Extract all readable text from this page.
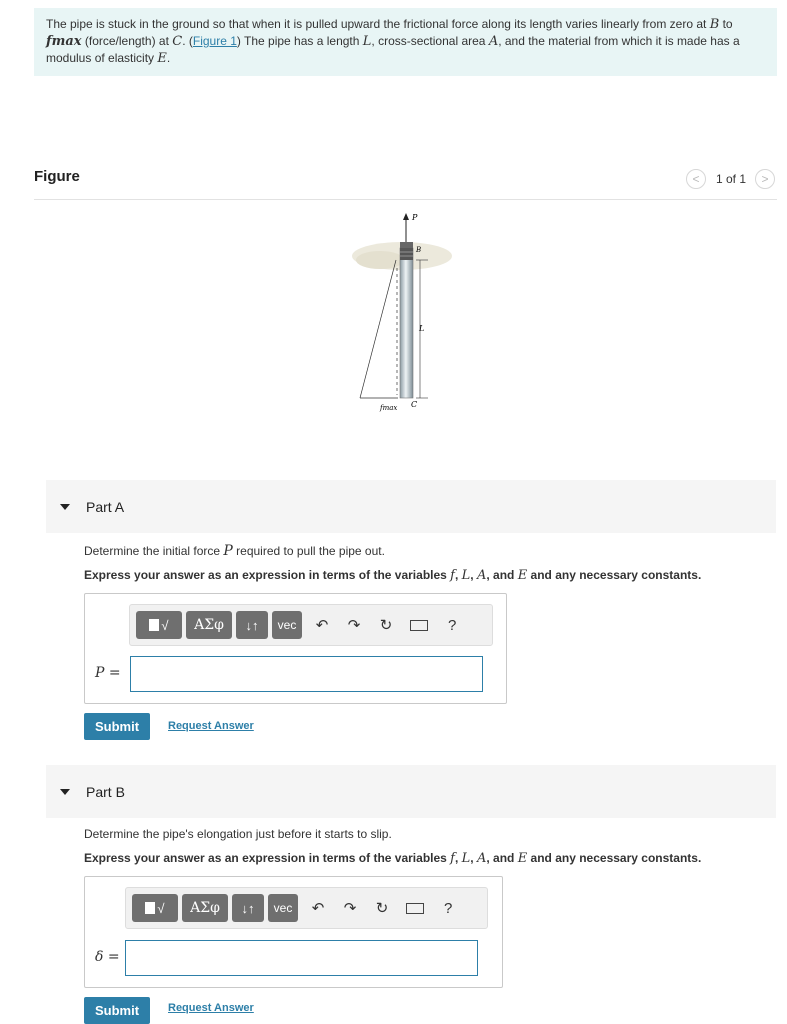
The pipe is stuck in the ground so that when it is pulled upward the frictional force along its length varies linearly from zero at B to fmax (force/length) at C. (Figure 1) The pipe has a length L, cross-sectional area A, and the material from which it is made has a modulus of elasticity E.
Figure	< 1 of 1 >
P
B
L
fmax C
Part A
Determine the initial force P required to pull the pipe out.
Express your answer as an expression in terms of the variables f, L, A, and E and any necessary constants.
√ ΑΣφ ↓↑ vec	↶	↷	↻	?
P =
Submit	Request Answer
Part B
Determine the pipe's elongation just before it starts to slip.
Express your answer as an expression in terms of the variables f, L, A, and E and any necessary constants.
√ ΑΣφ ↓↑ vec	↶	↷	↻	?
δ =
Submit	Request Answer
